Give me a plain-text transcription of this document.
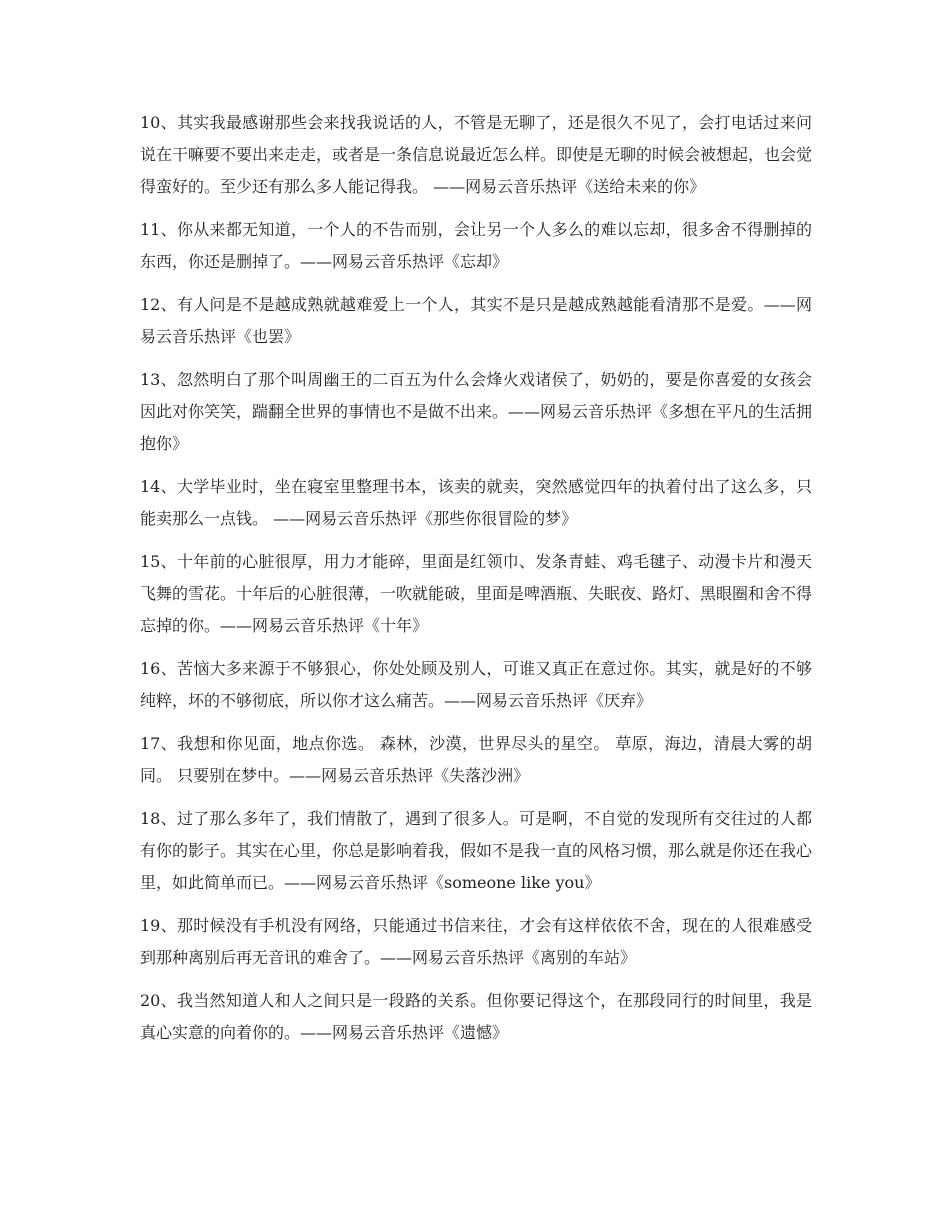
10、其实我最感谢那些会来找我说话的人，不管是无聊了，还是很久不见了，会打电话过来问说在干嘛要不要出来走走，或者是一条信息说最近怎么样。即使是无聊的时候会被想起，也会觉得蛮好的。至少还有那么多人能记得我。 ——网易云音乐热评《送给未来的你》

11、你从来都无知道，一个人的不告而别，会让另一个人多么的难以忘却，很多舍不得删掉的东西，你还是删掉了。——网易云音乐热评《忘却》

12、有人问是不是越成熟就越难爱上一个人，其实不是只是越成熟越能看清那不是爱。——网易云音乐热评《也罢》

13、忽然明白了那个叫周幽王的二百五为什么会烽火戏诸侯了，奶奶的，要是你喜爱的女孩会因此对你笑笑，踹翻全世界的事情也不是做不出来。——网易云音乐热评《多想在平凡的生活拥抱你》

14、大学毕业时，坐在寝室里整理书本，该卖的就卖，突然感觉四年的执着付出了这么多，只能卖那么一点钱。 ——网易云音乐热评《那些你很冒险的梦》

15、十年前的心脏很厚，用力才能碎，里面是红领巾、发条青蛙、鸡毛毽子、动漫卡片和漫天飞舞的雪花。十年后的心脏很薄，一吹就能破，里面是啤酒瓶、失眠夜、路灯、黑眼圈和舍不得忘掉的你。——网易云音乐热评《十年》

16、苦恼大多来源于不够狠心，你处处顾及别人，可谁又真正在意过你。其实，就是好的不够纯粹，坏的不够彻底，所以你才这么痛苦。——网易云音乐热评《厌弃》

17、我想和你见面，地点你选。 森林，沙漠，世界尽头的星空。 草原，海边，清晨大雾的胡同。 只要别在梦中。——网易云音乐热评《失落沙洲》

18、过了那么多年了，我们情散了，遇到了很多人。可是啊，不自觉的发现所有交往过的人都有你的影子。其实在心里，你总是影响着我，假如不是我一直的风格习惯，那么就是你还在我心里，如此简单而已。——网易云音乐热评《someone like you》

19、那时候没有手机没有网络，只能通过书信来往，才会有这样依依不舍，现在的人很难感受到那种离别后再无音讯的难舍了。——网易云音乐热评《离别的车站》

20、我当然知道人和人之间只是一段路的关系。但你要记得这个，在那段同行的时间里，我是真心实意的向着你的。——网易云音乐热评《遗憾》
